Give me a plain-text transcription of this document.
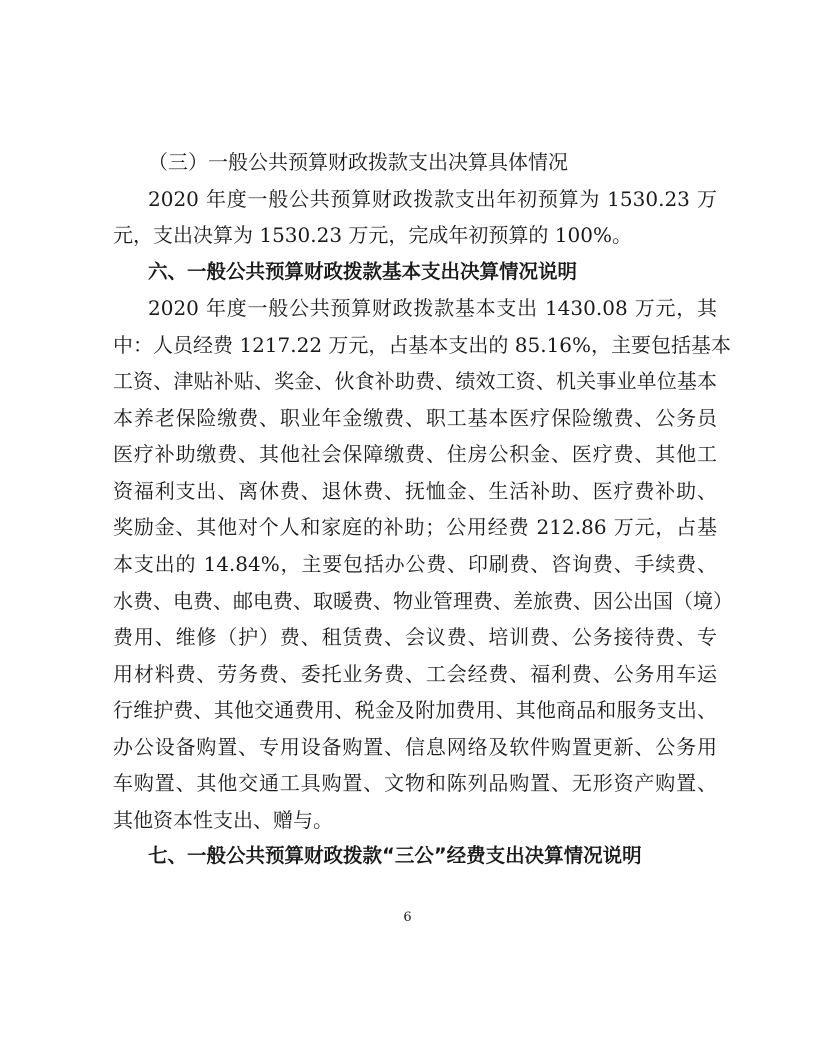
（三）一般公共预算财政拨款支出决算具体情况
2020 年度一般公共预算财政拨款支出年初预算为 1530.23 万
元，支出决算为 1530.23 万元，完成年初预算的 100%。
六、一般公共预算财政拨款基本支出决算情况说明
2020 年度一般公共预算财政拨款基本支出 1430.08 万元，其
中：人员经费 1217.22 万元，占基本支出的 85.16%，主要包括基本
工资、津贴补贴、奖金、伙食补助费、绩效工资、机关事业单位基本
本养老保险缴费、职业年金缴费、职工基本医疗保险缴费、公务员
医疗补助缴费、其他社会保障缴费、住房公积金、医疗费、其他工
资福利支出、离休费、退休费、抚恤金、生活补助、医疗费补助、
奖励金、其他对个人和家庭的补助；公用经费 212.86 万元，占基
本支出的 14.84%，主要包括办公费、印刷费、咨询费、手续费、
水费、电费、邮电费、取暖费、物业管理费、差旅费、因公出国（境）
费用、维修（护）费、租赁费、会议费、培训费、公务接待费、专
用材料费、劳务费、委托业务费、工会经费、福利费、公务用车运
行维护费、其他交通费用、税金及附加费用、其他商品和服务支出、
办公设备购置、专用设备购置、信息网络及软件购置更新、公务用
车购置、其他交通工具购置、文物和陈列品购置、无形资产购置、
其他资本性支出、赠与。
七、一般公共预算财政拨款“三公”经费支出决算情况说明
6
